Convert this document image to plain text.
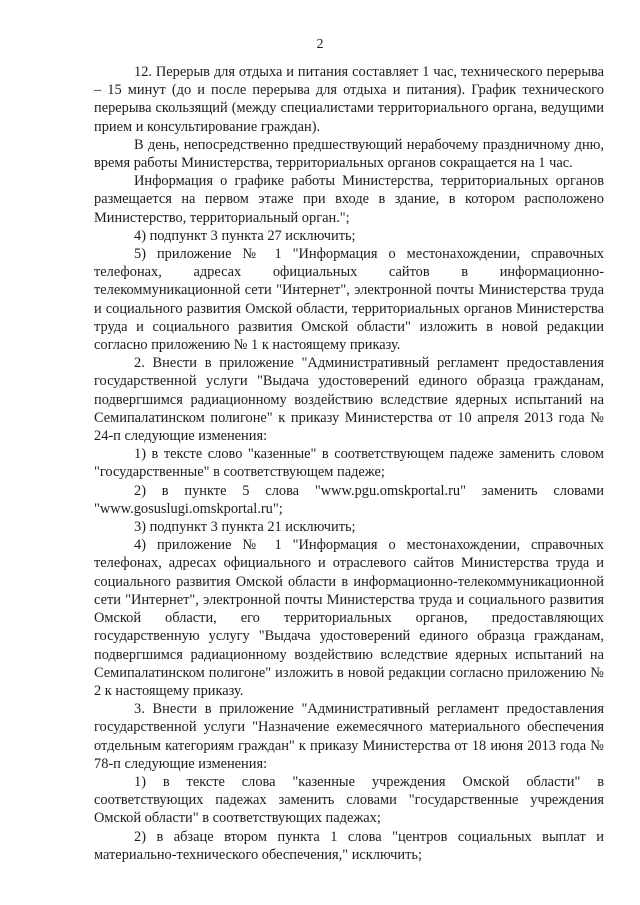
2

12. Перерыв для отдыха и питания составляет 1 час, технического перерыва – 15 минут (до и после перерыва для отдыха и питания). График технического перерыва скользящий (между специалистами территориального органа, ведущими прием и консультирование граждан).

В день, непосредственно предшествующий нерабочему праздничному дню, время работы Министерства, территориальных органов сокращается на 1 час.

Информация о графике работы Министерства, территориальных органов размещается на первом этаже при входе в здание, в котором расположено Министерство, территориальный орган.";

4) подпункт 3 пункта 27 исключить;

5) приложение № 1 "Информация о местонахождении, справочных телефонах, адресах официальных сайтов в информационно-телекоммуникационной сети "Интернет", электронной почты Министерства труда и социального развития Омской области, территориальных органов Министерства труда и социального развития Омской области" изложить в новой редакции согласно приложению № 1 к настоящему приказу.

2. Внести в приложение "Административный регламент предоставления государственной услуги "Выдача удостоверений единого образца гражданам, подвергшимся радиационному воздействию вследствие ядерных испытаний на Семипалатинском полигоне" к приказу Министерства от 10 апреля 2013 года № 24-п следующие изменения:

1) в тексте слово "казенные" в соответствующем падеже заменить словом "государственные" в соответствующем падеже;

2) в пункте 5 слова "www.pgu.omskportal.ru" заменить словами "www.gosuslugi.omskportal.ru";

3) подпункт 3 пункта 21 исключить;

4) приложение № 1 "Информация о местонахождении, справочных телефонах, адресах официального и отраслевого сайтов Министерства труда и социального развития Омской области в информационно-телекоммуникационной сети "Интернет", электронной почты Министерства труда и социального развития Омской области, его территориальных органов, предоставляющих государственную услугу "Выдача удостоверений единого образца гражданам, подвергшимся радиационному воздействию вследствие ядерных испытаний на Семипалатинском полигоне" изложить в новой редакции согласно приложению № 2 к настоящему приказу.

3. Внести в приложение "Административный регламент предоставления государственной услуги "Назначение ежемесячного материального обеспечения отдельным категориям граждан" к приказу Министерства от 18 июня 2013 года № 78-п следующие изменения:

1) в тексте слова "казенные учреждения Омской области" в соответствующих падежах заменить словами "государственные учреждения Омской области" в соответствующих падежах;

2) в абзаце втором пункта 1 слова "центров социальных выплат и материально-технического обеспечения," исключить;
